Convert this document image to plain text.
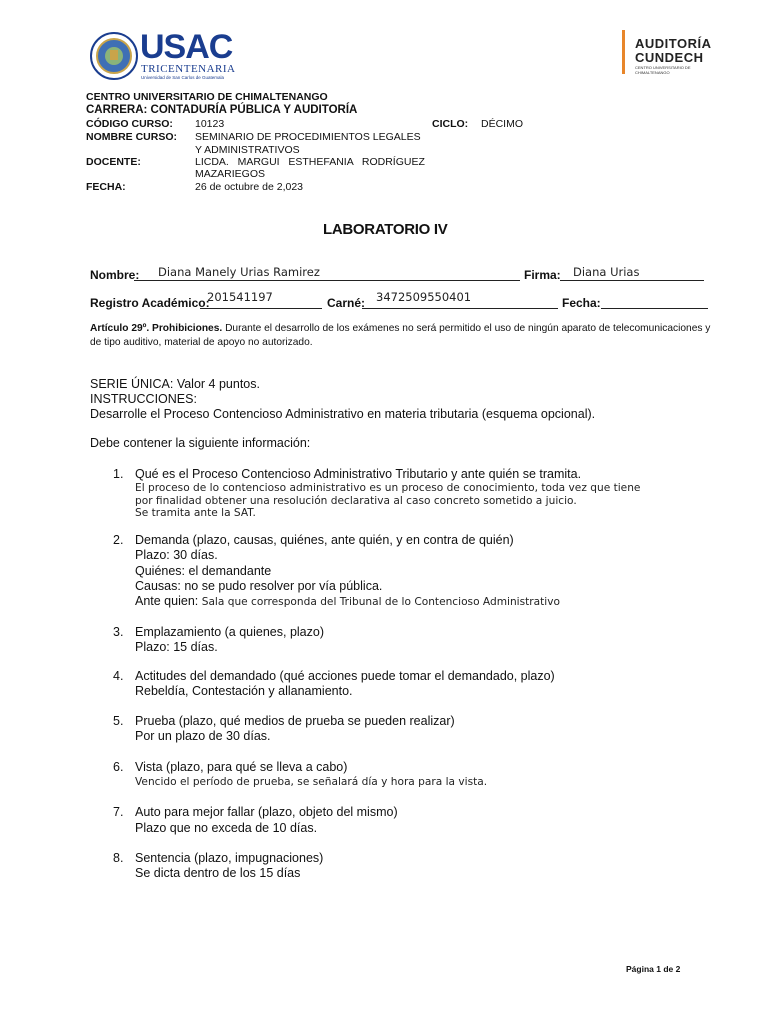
USAC
TRICENTENARIA
Universidad de San Carlos de Guatemala
AUDITORÍA
CUNDECH
CENTRO UNIVERSITARIO DE CHIMALTENANGO
CENTRO UNIVERSITARIO DE CHIMALTENANGO
CARRERA: CONTADURÍA PÚBLICA Y AUDITORÍA
CÓDIGO CURSO: 10123	CICLO: DÉCIMO
NOMBRE CURSO: SEMINARIO DE PROCEDIMIENTOS LEGALES
Y ADMINISTRATIVOS
DOCENTE:	LICDA.   MARGUI   ESTHEFANIA   RODRÍGUEZ
MAZARIEGOS
FECHA:	26 de octubre de 2,023
LABORATORIO IV
Nombre: Diana Manely Urias Ramirez	Firma: Diana Urias
Registro Académico:
201541197	Carné: 3472509550401	Fecha:
Artículo 29º. Prohibiciones. Durante el desarrollo de los exámenes no será permitido el uso de ningún aparato de telecomunicaciones y
de tipo auditivo, material de apoyo no autorizado.
SERIE ÚNICA: Valor 4 puntos.
INSTRUCCIONES:
Desarrolle el Proceso Contencioso Administrativo en materia tributaria (esquema opcional).
Debe contener la siguiente información:
1. Qué es el Proceso Contencioso Administrativo Tributario y ante quién se tramita.
El proceso de lo contencioso administrativo es un proceso de conocimiento, toda vez que tiene
por finalidad obtener una resolución declarativa al caso concreto sometido a juicio.
Se tramita ante la SAT.
2. Demanda (plazo, causas, quiénes, ante quién, y en contra de quién)
Plazo: 30 días.
Quiénes: el demandante
Causas: no se pudo resolver por vía pública.
Ante quien: Sala que corresponda del Tribunal de lo Contencioso Administrativo
3. Emplazamiento (a quienes, plazo)
Plazo: 15 días.
4. Actitudes del demandado (qué acciones puede tomar el demandado, plazo)
Rebeldía, Contestación y allanamiento.
5. Prueba (plazo, qué medios de prueba se pueden realizar)
Por un plazo de 30 días.
6. Vista (plazo, para qué se lleva a cabo)
Vencido el período de prueba, se señalará día y hora para la vista.
7. Auto para mejor fallar (plazo, objeto del mismo)
Plazo que no exceda de 10 días.
8. Sentencia (plazo, impugnaciones)
Se dicta dentro de los 15 días
Página 1 de 2
